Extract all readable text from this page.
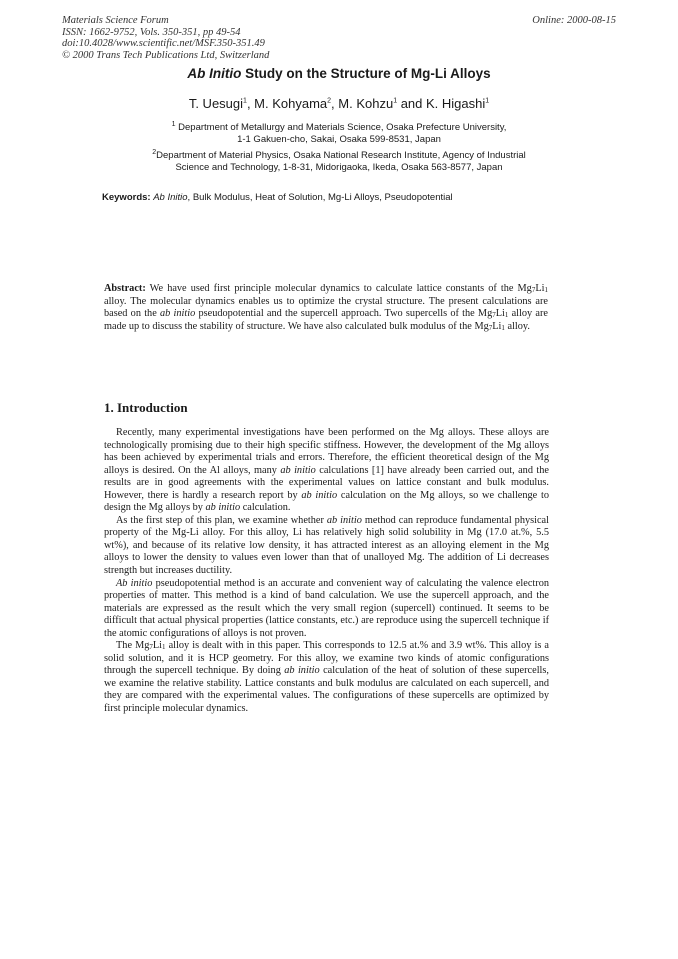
Materials Science Forum
ISSN: 1662-9752, Vols. 350-351, pp 49-54
doi:10.4028/www.scientific.net/MSF.350-351.49
© 2000 Trans Tech Publications Ltd, Switzerland
Online: 2000-08-15
Ab Initio Study on the Structure of Mg-Li Alloys
T. Uesugi$^1$, M. Kohyama$^2$, M. Kohzu$^1$ and K. Higashi$^1$
$^1$ Department of Metallurgy and Materials Science, Osaka Prefecture University,
1-1 Gakuen-cho, Sakai, Osaka 599-8531, Japan
$^2$Department of Material Physics, Osaka National Research Institute, Agency of Industrial
Science and Technology, 1-8-31, Midorigaoka, Ikeda, Osaka 563-8577, Japan
Keywords: Ab Initio, Bulk Modulus, Heat of Solution, Mg-Li Alloys, Pseudopotential
Abstract: We have used first principle molecular dynamics to calculate lattice constants of the $Mg_7Li_1$ alloy. The molecular dynamics enables us to optimize the crystal structure. The present calculations are based on the ab initio pseudopotential and the supercell approach. Two supercells of the $Mg_7Li_1$ alloy are made up to discuss the stability of structure. We have also calculated bulk modulus of the $Mg_7Li_1$ alloy.
1. Introduction

Recently, many experimental investigations have been performed on the Mg alloys. These alloys are technologically promising due to their high specific stiffness. However, the development of the Mg alloys has been achieved by experimental trials and errors. Therefore, the efficient theoretical design of the Mg alloys is desired. On the Al alloys, many ab initio calculations [1] have already been carried out, and the results are in good agreements with the experimental values on lattice constant and bulk modulus. However, there is hardly a research report by ab initio calculation on the Mg alloys, so we challenge to design the Mg alloys by ab initio calculation.

As the first step of this plan, we examine whether ab initio method can reproduce fundamental physical property of the Mg-Li alloy. For this alloy, Li has relatively high solid solubility in Mg (17.0 at.%, 5.5 wt%), and because of its relative low density, it has attracted interest as an alloying element in the Mg alloys to lower the density to values even lower than that of unalloyed Mg. The addition of Li decreases strength but increases ductility.

Ab initio pseudopotential method is an accurate and convenient way of calculating the valence electron properties of matter. This method is a kind of band calculation. We use the supercell approach, and the materials are expressed as the result which the very small region (supercell) continued. It seems to be difficult that actual physical properties (lattice constants, etc.) are reproduce using the supercell technique if the atomic configurations of alloys is not proven.

The $Mg_7Li_1$ alloy is dealt with in this paper. This corresponds to 12.5 at.% and 3.9 wt%. This alloy is a solid solution, and it is HCP geometry. For this alloy, we examine two kinds of atomic configurations through the supercell technique. By doing ab initio calculation of the heat of solution of these supercells, we examine the relative stability. Lattice constants and bulk modulus are calculated on each supercell, and they are compared with the experimental values. The configurations of these supercells are optimized by first principle molecular dynamics.
